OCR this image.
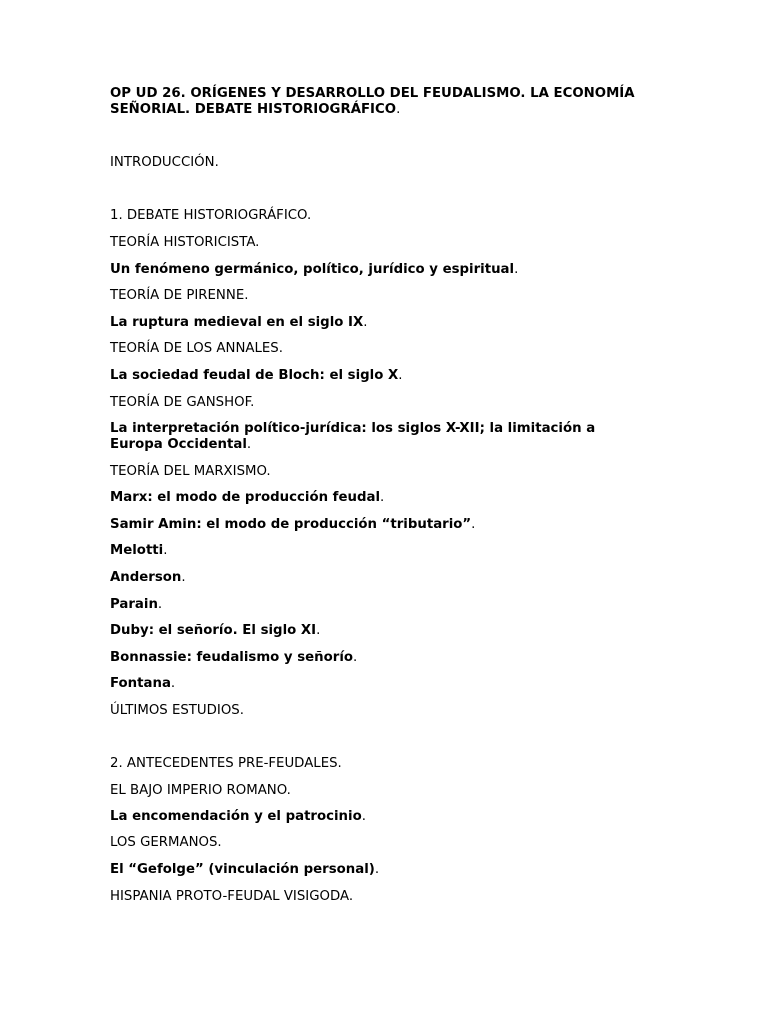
OP UD 26. ORÍGENES Y DESARROLLO DEL FEUDALISMO. LA ECONOMÍA SEÑORIAL. DEBATE HISTORIOGRÁFICO.
INTRODUCCIÓN.
1. DEBATE HISTORIOGRÁFICO.
TEORÍA HISTORICISTA.
Un fenómeno germánico, político, jurídico y espiritual.
TEORÍA DE PIRENNE.
La ruptura medieval en el siglo IX.
TEORÍA DE LOS ANNALES.
La sociedad feudal de Bloch: el siglo X.
TEORÍA DE GANSHOF.
La interpretación político-jurídica: los siglos X-XII; la limitación a Europa Occidental.
TEORÍA DEL MARXISMO.
Marx: el modo de producción feudal.
Samir Amin: el modo de producción “tributario”.
Melotti.
Anderson.
Parain.
Duby: el señorío. El siglo XI.
Bonnassie: feudalismo y señorío.
Fontana.
ÚLTIMOS ESTUDIOS.
2. ANTECEDENTES PRE-FEUDALES.
EL BAJO IMPERIO ROMANO.
La encomendación y el patrocinio.
LOS GERMANOS.
El “Gefolge” (vinculación personal).
HISPANIA PROTO-FEUDAL VISIGODA.
